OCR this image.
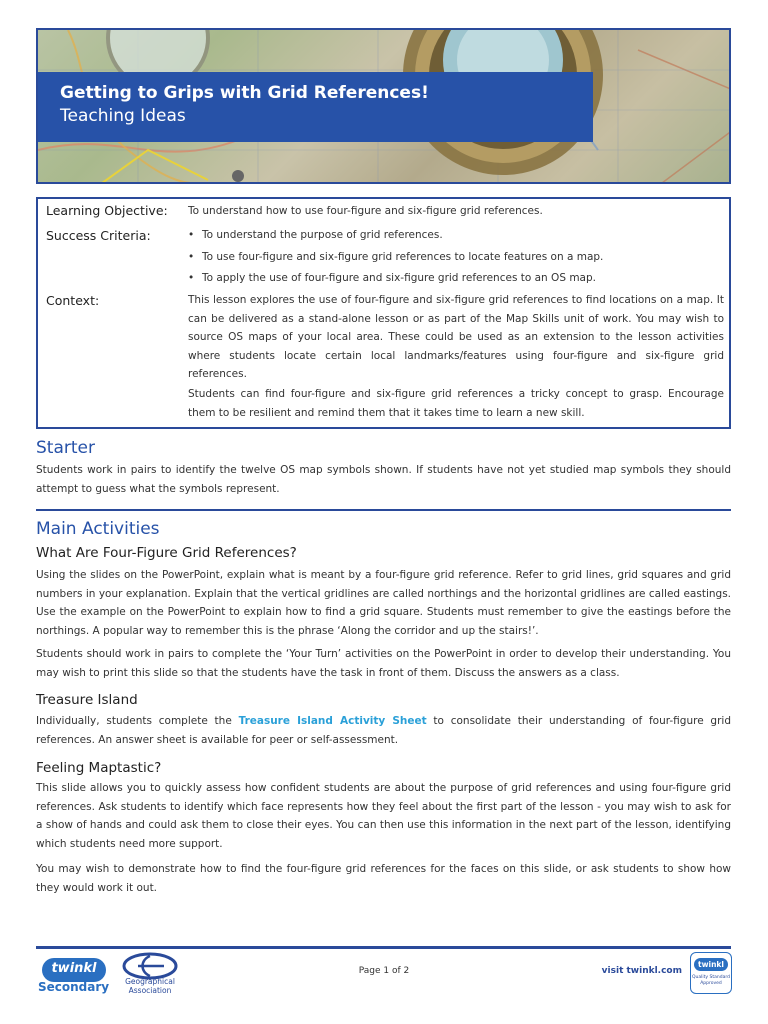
Getting to Grips with Grid References!
Teaching Ideas
Learning Objective:	To understand how to use four-figure and six-figure grid references.
Success Criteria:
•	To understand the purpose of grid references.
• To use four-figure and six-figure grid references to locate features on a map.
• To apply the use of four-figure and six-figure grid references to an OS map.
Context:	This lesson explores the use of four-figure and six-figure grid references to find locations on a map. It can be delivered as a stand-alone lesson or as part of the Map Skills unit of work. You may wish to source OS maps of your local area. These could be used as an extension to the lesson activities where students locate certain local landmarks/features using four-figure and six-figure grid references.
Students can find four-figure and six-figure grid references a tricky concept to grasp. Encourage them to be resilient and remind them that it takes time to learn a new skill.
Starter
Students work in pairs to identify the twelve OS map symbols shown. If students have not yet studied map symbols they should attempt to guess what the symbols represent.
Main Activities
What Are Four-Figure Grid References?
Using the slides on the PowerPoint, explain what is meant by a four-figure grid reference. Refer to grid lines, grid squares and grid numbers in your explanation. Explain that the vertical gridlines are called northings and the horizontal gridlines are called eastings. Use the example on the PowerPoint to explain how to find a grid square. Students must remember to give the eastings before the northings. A popular way to remember this is the phrase ‘Along the corridor and up the stairs!’.
Students should work in pairs to complete the ‘Your Turn’ activities on the PowerPoint in order to develop their understanding. You may wish to print this slide so that the students have the task in front of them. Discuss the answers as a class.
Treasure Island
Individually, students complete the Treasure Island Activity Sheet to consolidate their understanding of four-figure grid references. An answer sheet is available for peer or self-assessment.
Feeling Maptastic?
This slide allows you to quickly assess how confident students are about the purpose of grid references and using four-figure grid references. Ask students to identify which face represents how they feel about the first part of the lesson - you may wish to ask for a show of hands and could ask them to close their eyes. You can then use this information in the next part of the lesson, identifying which students need more support.
You may wish to demonstrate how to find the four-figure grid references for the faces on this slide, or ask students to show how they would work it out.
twinkl
Secondary	Geographical Association
Page 1 of 2	visit twinkl.com
twinkl
Quality Standard Approved
